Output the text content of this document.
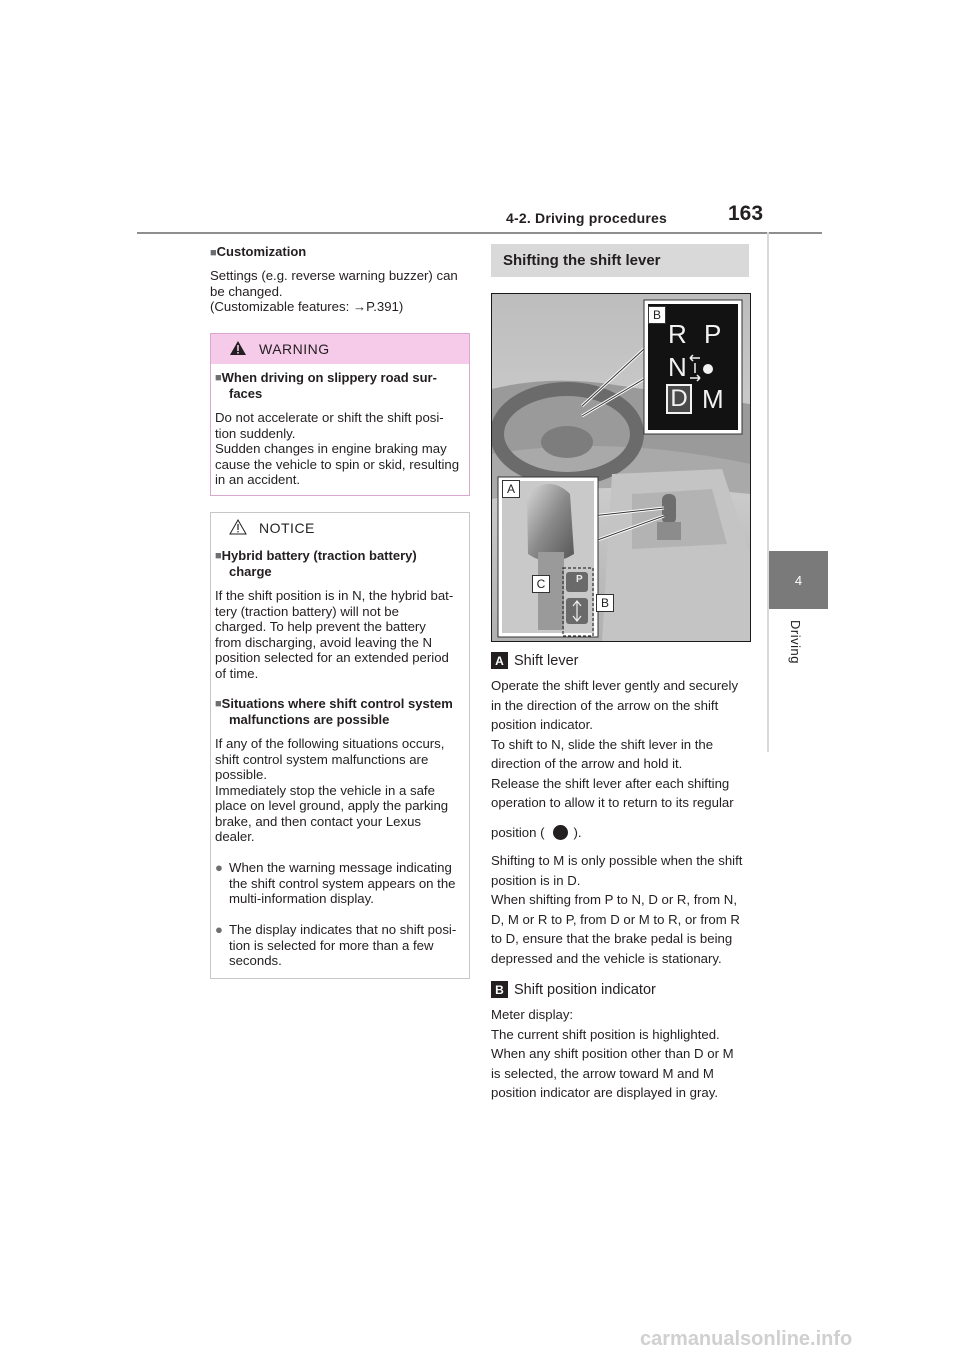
4-2. Driving procedures	163
4
Driving
■Customization
Settings (e.g. reverse warning buzzer) can
be changed.
(Customizable features: →P.391)
WARNING
■ When driving on slippery road sur-
faces
Do not accelerate or shift the shift posi-
tion suddenly.
Sudden changes in engine braking may
cause the vehicle to spin or skid, resulting
in an accident.
NOTICE
■ Hybrid battery (traction battery)
charge
If the shift position is in N, the hybrid bat-
tery (traction battery) will not be
charged. To help prevent the battery
from discharging, avoid leaving the N
position selected for an extended period
of time.
■ Situations where shift control system
malfunctions are possible
If any of the following situations occurs,
shift control system malfunctions are
possible.
Immediately stop the vehicle in a safe
place on level ground, apply the parking
brake, and then contact your Lexus
dealer.
● When the warning message indicating
the shift control system appears on the
multi-information display.
● The display indicates that no shift posi-
tion is selected for more than a few
seconds.
Shifting the shift lever
R P
N
D M
P
B
A
C
B
A Shift lever
Operate the shift lever gently and securely
in the direction of the arrow on the shift
position indicator.
To shift to N, slide the shift lever in the
direction of the arrow and hold it.
Release the shift lever after each shifting
operation to allow it to return to its regular
position ( ).
Shifting to M is only possible when the shift
position is in D.
When shifting from P to N, D or R, from N,
D, M or R to P, from D or M to R, or from R
to D, ensure that the brake pedal is being
depressed and the vehicle is stationary.
B Shift position indicator
Meter display:
The current shift position is highlighted.
When any shift position other than D or M
is selected, the arrow toward M and M
position indicator are displayed in gray.
carmanualsonline.info
